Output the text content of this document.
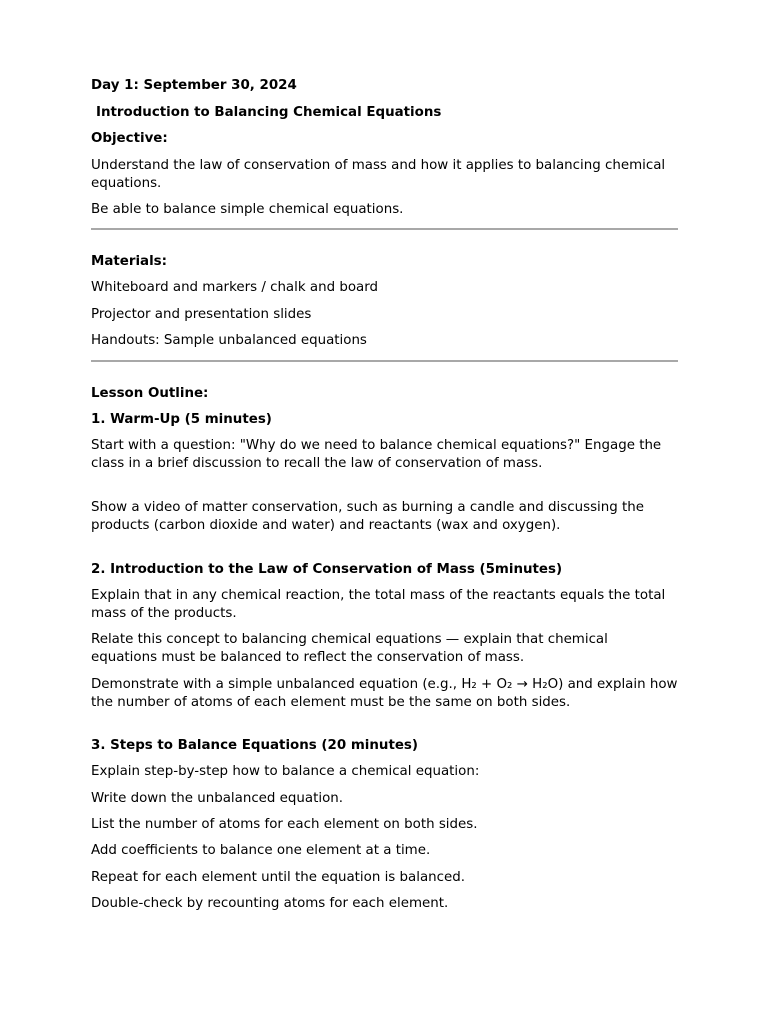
Day 1: September 30, 2024

Introduction to Balancing Chemical Equations

Objective:

Understand the law of conservation of mass and how it applies to balancing chemical equations.

Be able to balance simple chemical equations.

Materials:

Whiteboard and markers / chalk and board

Projector and presentation slides

Handouts: Sample unbalanced equations

Lesson Outline:

1. Warm-Up (5 minutes)

Start with a question: "Why do we need to balance chemical equations?" Engage the class in a brief discussion to recall the law of conservation of mass.

Show a video of matter conservation, such as burning a candle and discussing the products (carbon dioxide and water) and reactants (wax and oxygen).

2. Introduction to the Law of Conservation of Mass (5minutes)

Explain that in any chemical reaction, the total mass of the reactants equals the total mass of the products.

Relate this concept to balancing chemical equations — explain that chemical equations must be balanced to reflect the conservation of mass.

Demonstrate with a simple unbalanced equation (e.g., H₂ + O₂ → H₂O) and explain how the number of atoms of each element must be the same on both sides.

3. Steps to Balance Equations (20 minutes)

Explain step-by-step how to balance a chemical equation:

Write down the unbalanced equation.

List the number of atoms for each element on both sides.

Add coefficients to balance one element at a time.

Repeat for each element until the equation is balanced.

Double-check by recounting atoms for each element.
